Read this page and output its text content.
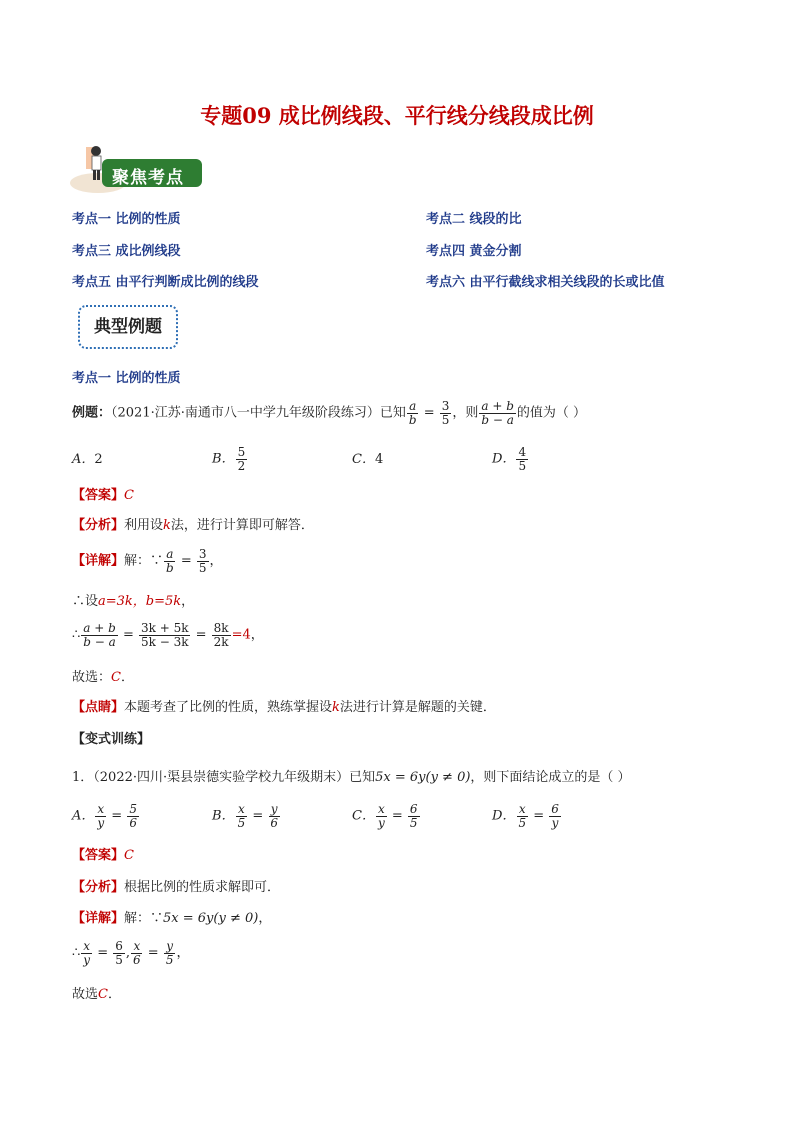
专题09 成比例线段、平行线分线段成比例
聚焦考点
考点一 比例的性质	考点二 线段的比
考点三 成比例线段	考点四 黄金分割
考点五 由平行判断成比例的线段	考点六 由平行截线求相关线段的长或比值
典型例题
考点一 比例的性质
例题：（2021·江苏·南通市八一中学九年级阶段练习）已知 $\frac{a}{b} = \frac{3}{5}$ ，则 $\frac{a + b}{b - a}$ 的值为（ ）
A．2	B． $\frac{5}{2}$	C．4	D． $\frac{4}{5}$
【答案】C
【分析】利用设k法，进行计算即可解答．
【详解】解：∵ $\frac{a}{b} = \frac{3}{5}$ ，
∴设a=3k，b=5k，
∴ $\frac{a + b}{b - a} = \frac{3k + 5k}{5k - 3k} = \frac{8k}{2k} =4$，
故选：C．
【点睛】本题考查了比例的性质，熟练掌握设k法进行计算是解题的关键．
【变式训练】
1．（2022·四川·渠县崇德实验学校九年级期末）已知5x = 6y(y ≠ 0)，则下面结论成立的是（ ）
A． $\frac{x}{y} = \frac{5}{6}$	B． $\frac{x}{5} = \frac{y}{6}$	C． $\frac{x}{y} = \frac{6}{5}$	D． $\frac{x}{5} = \frac{6}{y}$
【答案】C
【分析】根据比例的性质求解即可．
【详解】解：∵5x = 6y(y ≠ 0)，
∴ $\frac{x}{y} = \frac{6}{5}$ , $\frac{x}{6} = \frac{y}{5}$ ，
故选C．
